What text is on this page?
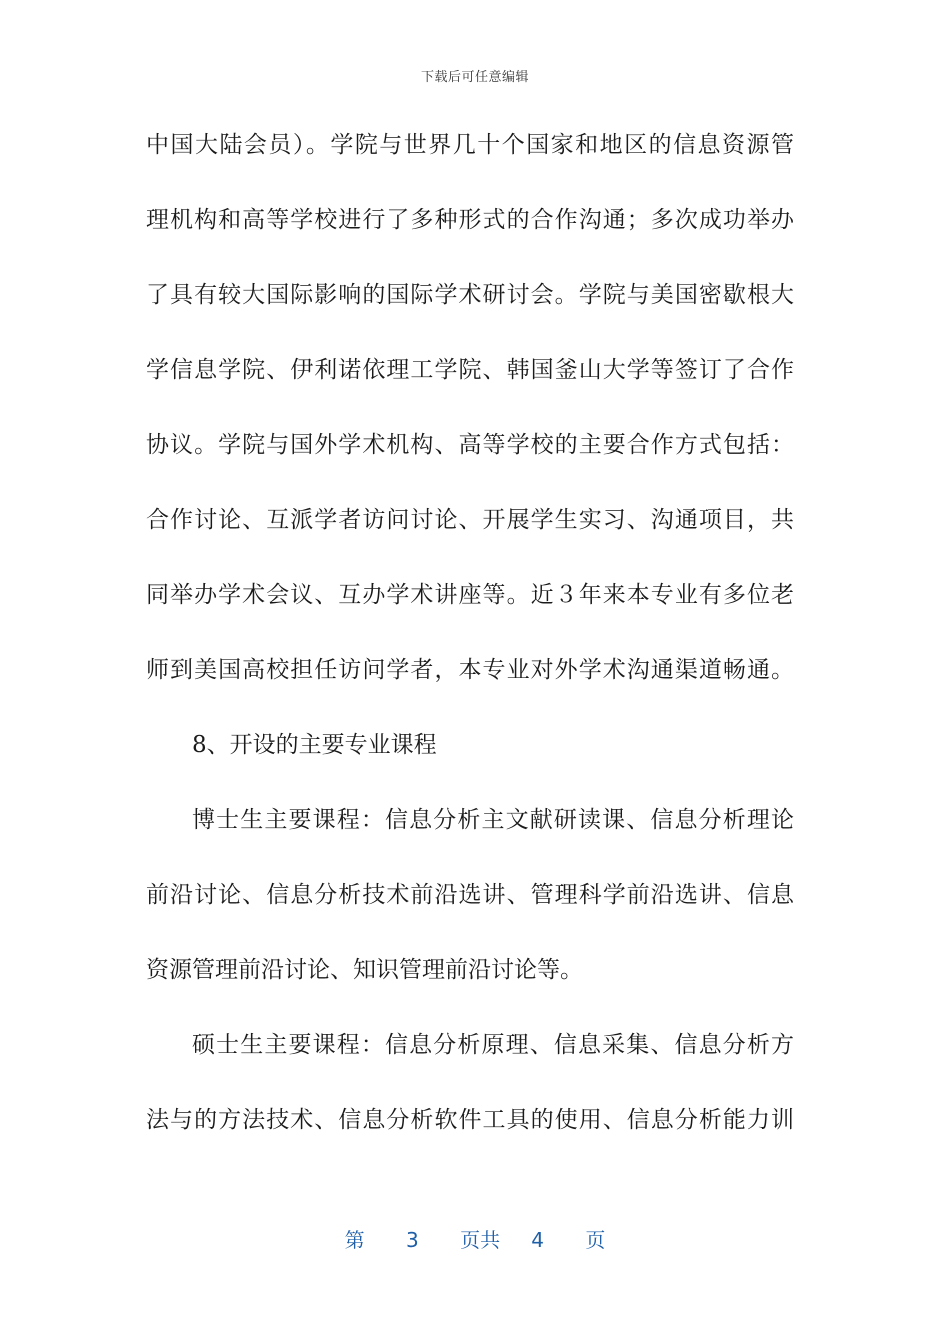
下载后可任意编辑
中国大陆会员）。学院与世界几十个国家和地区的信息资源管
理机构和高等学校进行了多种形式的合作沟通；多次成功举办
了具有较大国际影响的国际学术研讨会。学院与美国密歇根大
学信息学院、伊利诺依理工学院、韩国釜山大学等签订了合作
协议。学院与国外学术机构、高等学校的主要合作方式包括：
合作讨论、互派学者访问讨论、开展学生实习、沟通项目，共
同举办学术会议、互办学术讲座等。近３年来本专业有多位老
师到美国高校担任访问学者，本专业对外学术沟通渠道畅通。
8、开设的主要专业课程
博士生主要课程：信息分析主文献研读课、信息分析理论
前沿讨论、信息分析技术前沿选讲、管理科学前沿选讲、信息
资源管理前沿讨论、知识管理前沿讨论等。
硕士生主要课程：信息分析原理、信息采集、信息分析方
法与的方法技术、信息分析软件工具的使用、信息分析能力训
第 3 页共 4 页
